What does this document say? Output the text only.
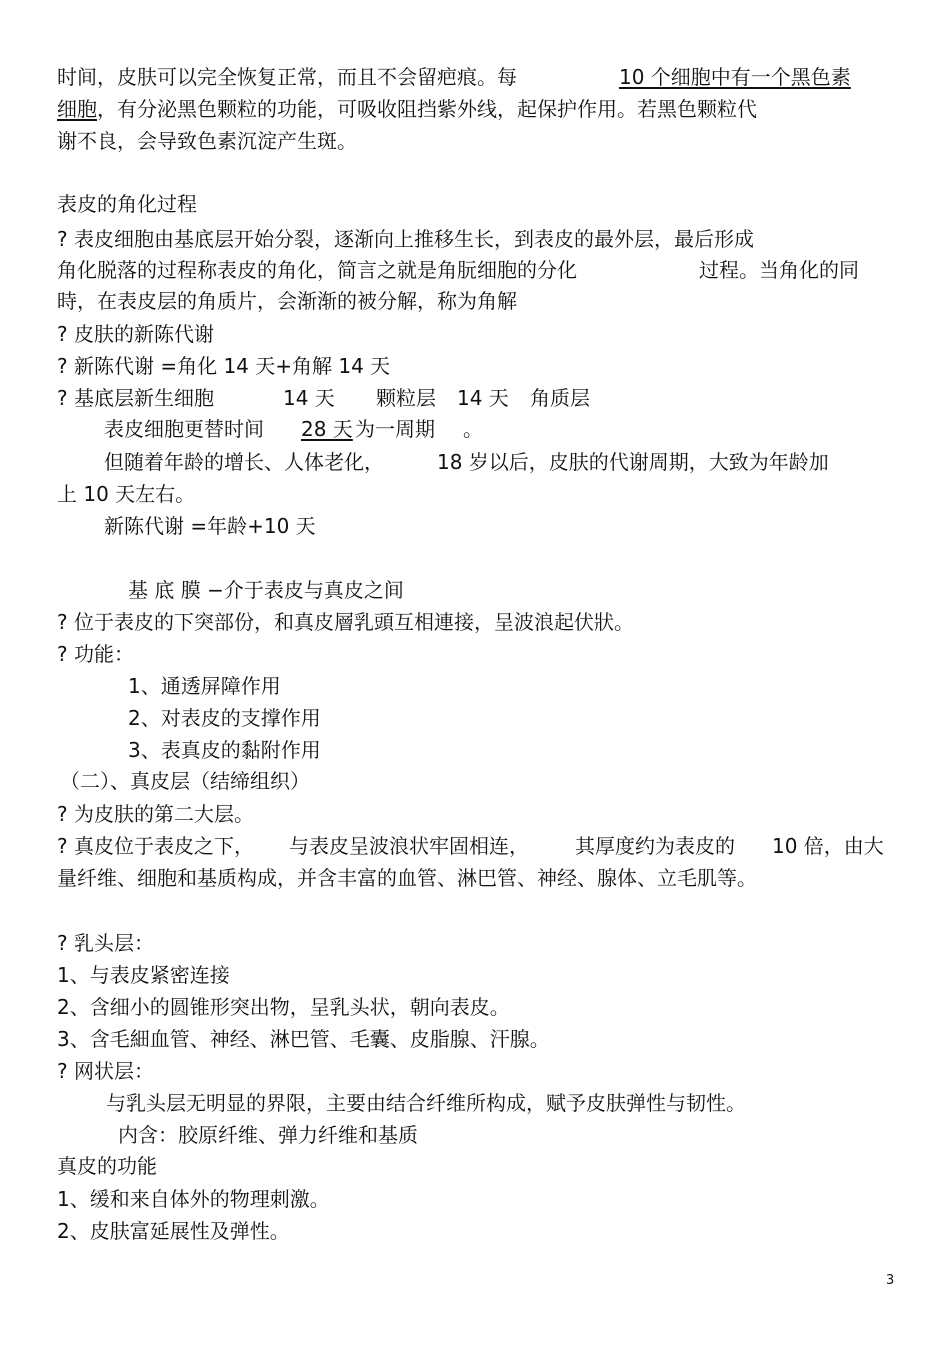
时间，皮肤可以完全恢复正常，而且不会留疤痕。每	10 个细胞中有一个黑色素
细胞，有分泌黑色颗粒的功能，可吸收阻挡紫外线，起保护作用。若黑色颗粒代
谢不良，会导致色素沉淀产生斑。
表皮的角化过程
? 表皮细胞由基底层开始分裂，逐渐向上推移生长，到表皮的最外层，最后形成
角化脱落的过程称表皮的角化，简言之就是角朊细胞的分化	过程。当角化的同
時，在表皮层的角质片，会渐渐的被分解，称为角解
? 皮肤的新陈代谢
? 新陈代谢 =角化 14 天+角解 14 天
? 基底层新生细胞	14 天 颗粒层 14 天 角质层
表皮细胞更替时间 28 天 为一周期 。
但随着年龄的增长、人体老化，	18 岁以后，皮肤的代谢周期，大致为年龄加
上 10 天左右。
新陈代谢 =年龄+10 天
基 底 膜 −介于表皮与真皮之间
? 位于表皮的下突部份，和真皮層乳頭互相連接，呈波浪起伏狀。
? 功能：
1、通透屏障作用
2、对表皮的支撑作用
3、表真皮的黏附作用
（二）、真皮层（结缔组织）
? 为皮肤的第二大层。
? 真皮位于表皮之下， 与表皮呈波浪状牢固相连， 其厚度约为表皮的 10 倍，由大
量纤维、细胞和基质构成，并含丰富的血管、淋巴管、神经、腺体、立毛肌等。
? 乳头层：
1、与表皮紧密连接
2、含细小的圆锥形突出物，呈乳头状，朝向表皮。
3、含毛細血管、神经、淋巴管、毛囊、皮脂腺、汗腺。
? 网状层：
与乳头层无明显的界限，主要由结合纤维所构成，赋予皮肤弹性与韧性。
内含：胶原纤维、弹力纤维和基质
真皮的功能
1、缓和来自体外的物理刺激。
2、皮肤富延展性及弹性。
3
